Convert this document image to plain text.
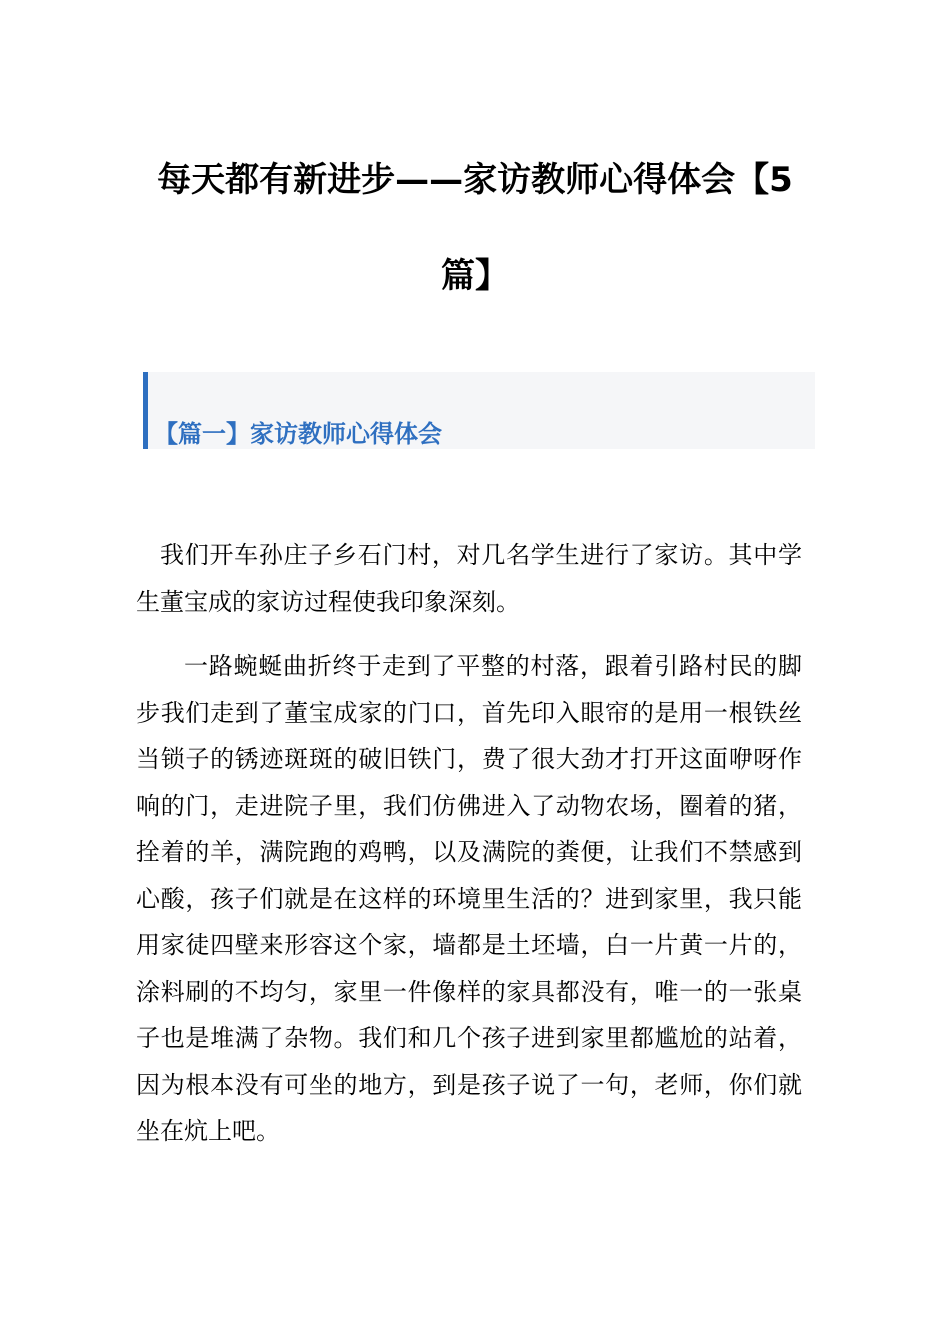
每天都有新进步——家访教师心得体会【5篇】
【篇一】家访教师心得体会

我们开车孙庄子乡石门村，对几名学生进行了家访。其中学生董宝成的家访过程使我印象深刻。

一路蜿蜒曲折终于走到了平整的村落，跟着引路村民的脚步我们走到了董宝成家的门口，首先印入眼帘的是用一根铁丝当锁子的锈迹斑斑的破旧铁门，费了很大劲才打开这面咿呀作响的门，走进院子里，我们仿佛进入了动物农场，圈着的猪，拴着的羊，满院跑的鸡鸭，以及满院的粪便，让我们不禁感到心酸，孩子们就是在这样的环境里生活的？进到家里，我只能用家徒四壁来形容这个家，墙都是土坯墙，白一片黄一片的，涂料刷的不均匀，家里一件像样的家具都没有，唯一的一张桌子也是堆满了杂物。我们和几个孩子进到家里都尴尬的站着，因为根本没有可坐的地方，到是孩子说了一句，老师，你们就坐在炕上吧。
